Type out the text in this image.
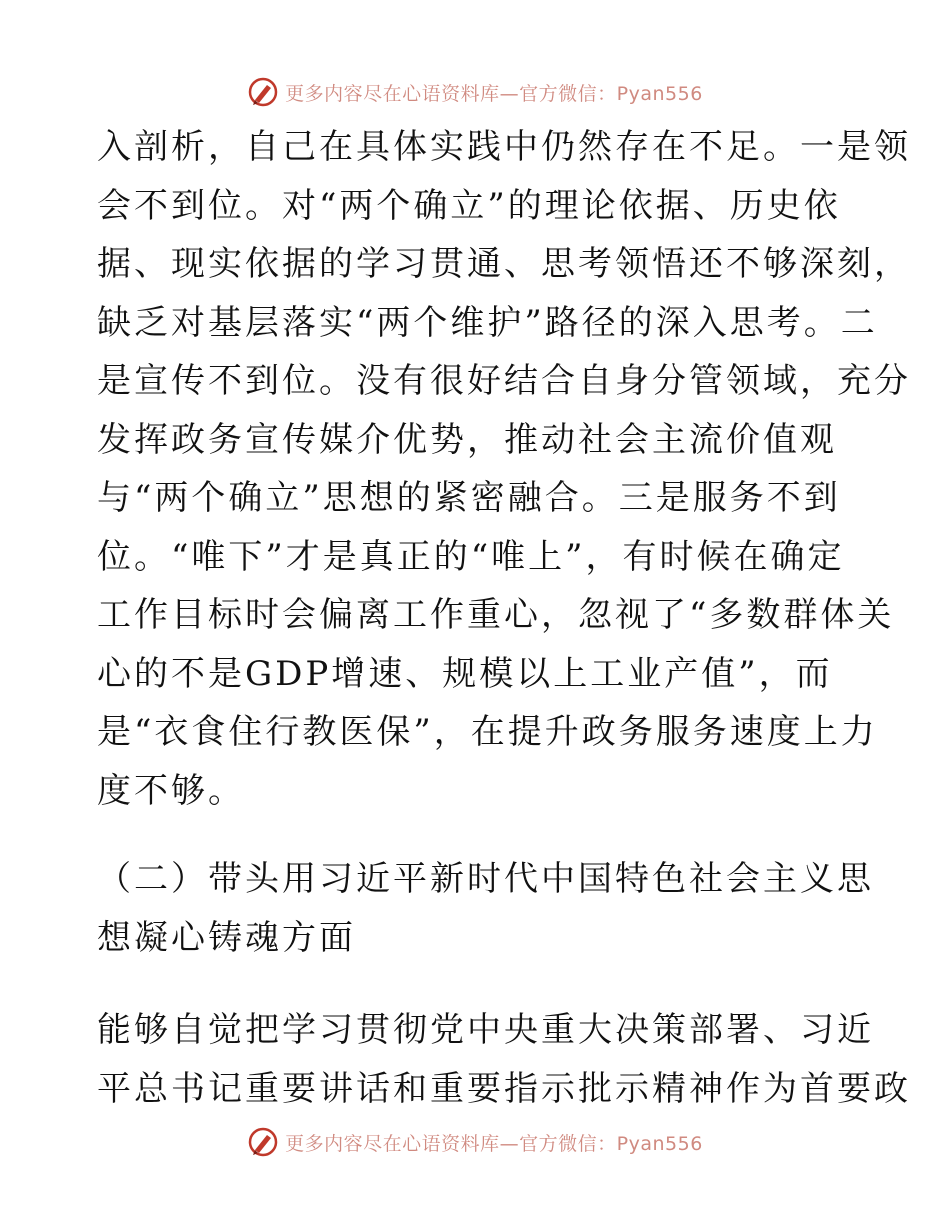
更多内容尽在心语资料库—官方微信：Pyan556
入剖析，自己在具体实践中仍然存在不足。一是领
会不到位。对“两个确立”的理论依据、历史依
据、现实依据的学习贯通、思考领悟还不够深刻，
缺乏对基层落实“两个维护”路径的深入思考。二
是宣传不到位。没有很好结合自身分管领域，充分
发挥政务宣传媒介优势，推动社会主流价值观
与“两个确立”思想的紧密融合。三是服务不到
位。“唯下”才是真正的“唯上”，有时候在确定
工作目标时会偏离工作重心，忽视了“多数群体关
心的不是GDP增速、规模以上工业产值”，而
是“衣食住行教医保”，在提升政务服务速度上力
度不够。
（二）带头用习近平新时代中国特色社会主义思
想凝心铸魂方面
能够自觉把学习贯彻党中央重大决策部署、习近
平总书记重要讲话和重要指示批示精神作为首要政
更多内容尽在心语资料库—官方微信：Pyan556
